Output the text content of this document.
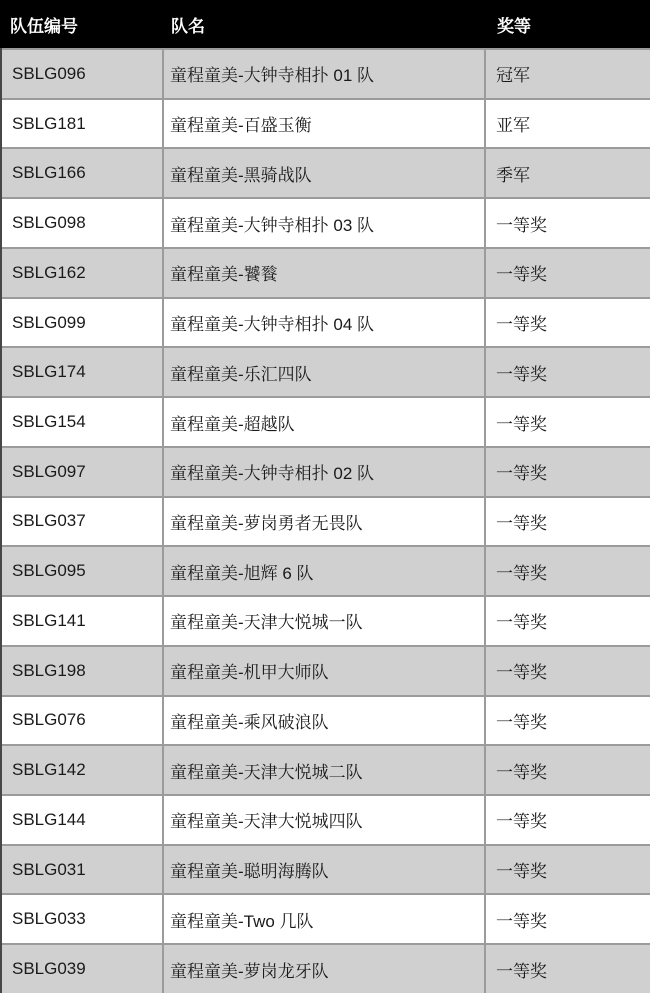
队伍编号	队名	奖等
SBLG096	童程童美-大钟寺相扑 01 队	冠军
SBLG181	童程童美-百盛玉衡	亚军
SBLG166	童程童美-黑骑战队	季军
SBLG098	童程童美-大钟寺相扑 03 队	一等奖
SBLG162	童程童美-饕餮	一等奖
SBLG099	童程童美-大钟寺相扑 04 队	一等奖
SBLG174	童程童美-乐汇四队	一等奖
SBLG154	童程童美-超越队	一等奖
SBLG097	童程童美-大钟寺相扑 02 队	一等奖
SBLG037	童程童美-萝岗勇者无畏队	一等奖
SBLG095	童程童美-旭辉 6 队	一等奖
SBLG141	童程童美-天津大悦城一队	一等奖
SBLG198	童程童美-机甲大师队	一等奖
SBLG076	童程童美-乘风破浪队	一等奖
SBLG142	童程童美-天津大悦城二队	一等奖
SBLG144	童程童美-天津大悦城四队	一等奖
SBLG031	童程童美-聪明海腾队	一等奖
SBLG033	童程童美-Two 几队	一等奖
SBLG039	童程童美-萝岗龙牙队	一等奖
